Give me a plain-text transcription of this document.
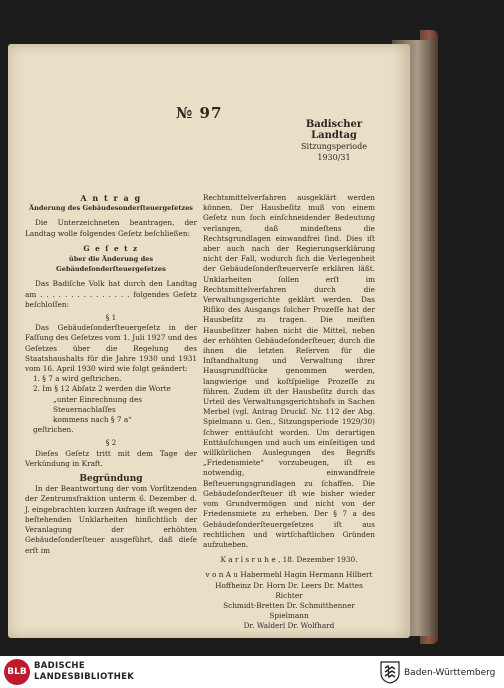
№ 97
Badischer Landtag
Sitzungsperiode
1930/31

A n t r a g

Änderung des Gebäudesonderſteuergeſetzes

Die Unterzeichneten beantragen, der Landtag wolle folgendes Geſetz beſchließen:

G e ſ e t z

über die Änderung des Gebäudeſonderſteuergeſetzes

Das Badiſche Volk hat durch den Landtag am . . . . . . . . . . . . . . . folgendes Geſetz beſchloſſen:

§ 1

Das Gebäudeſonderſteuergeſetz in der Faſſung des Geſetzes vom 1. Juli 1927 und des Geſetzes über die Regelung des Staatshaushalts für die Jahre 1930 und 1931 vom 16. April 1930 wird wie folgt geändert:

1. § 7 a wird geſtrichen.

2. Im § 12 Abſatz 2 werden die Worte

„unter Einrechnung des Steuernachlaſſes

kommens nach § 7 a“

geſtrichen.

§ 2

Dieſes Geſetz tritt mit dem Tage der Verkündung in Kraft.

Begründung

In der Beantwortung der vom Vorſitzenden der Zentrumsfraktion unterm 6. Dezember d. J. eingebrachten kurzen Anfrage iſt wegen der beſtehenden Unklarheiten hinſichtlich der Veranlagung der erhöhten Gebäudeſonderſteuer ausgeführt, daß dieſe erſt im

Rechtsmittelverfahren ausgeklärt werden können. Der Hausbeſitz muß von einem Geſetz nun ſoch einſchneidender Bedeutung verlangen, daß mindeſtens die Rechtsgrundlagen einwandfrei ſind. Dies iſt aber auch nach der Regierungserklärung nicht der Fall, wodurch ſich die Verlegenheit der Gebäudeſonderſteuerverſe erklären läßt. Unklarheiten ſollen erſt im Rechtsmittelverfahren durch die Verwaltungsgerichte geklärt werden. Das Riſiko des Ausgangs ſolcher Prozeſſe hat der Hausbeſitz zu tragen. Die meiſten Hausbeſitzer haben nicht die Mittel, neben der erhöhten Gebäudeſonderſteuer, durch die ihnen die letzten Reſerven für die Inſtandhaltung und Verwaltung ihrer Hausgrundſtücke genommen werden, langwierige und koſtſpielige Prozeſſe zu führen. Zudem iſt der Hausbeſitz durch das Urteil des Verwaltungsgerichtshofs in Sachen Merbel (vgl. Antrag Druckſ. Nr. 112 der Abg. Spielmann u. Gen., Sitzungsperiode 1929/30) ſchwer enttäuſcht worden. Um derartigen Enttäuſchungen und auch um einſeitigen und willkürlichen Auslegungen des Begriffs „Friedensmiete“ vorzubeugen, iſt es notwendig, einwandfreie Beſteuerungsgrundlagen zu ſchaffen. Die Gebäudeſonderſteuer iſt wie bisher wieder vom Grundvermögen und nicht von der Friedensmiete zu erheben. Der § 7 a des Gebäudeſonderſteuergeſetzes iſt aus rechtlichen und wirtſchaftlichen Gründen aufzuheben.

K a r l s r u h e , 18. Dezember 1930.

v o n A u Habermehl Hagin Hermann Hilbert

Hoffheinz Dr. Horn Dr. Leers Dr. Mattes Richter

Schmidt-Bretten Dr. Schmitthenner Spielmann

Dr. Walderl Dr. Wolfhard

BLB
BADISCHE
LANDESBIBLIOTHEK	Baden-Württemberg
